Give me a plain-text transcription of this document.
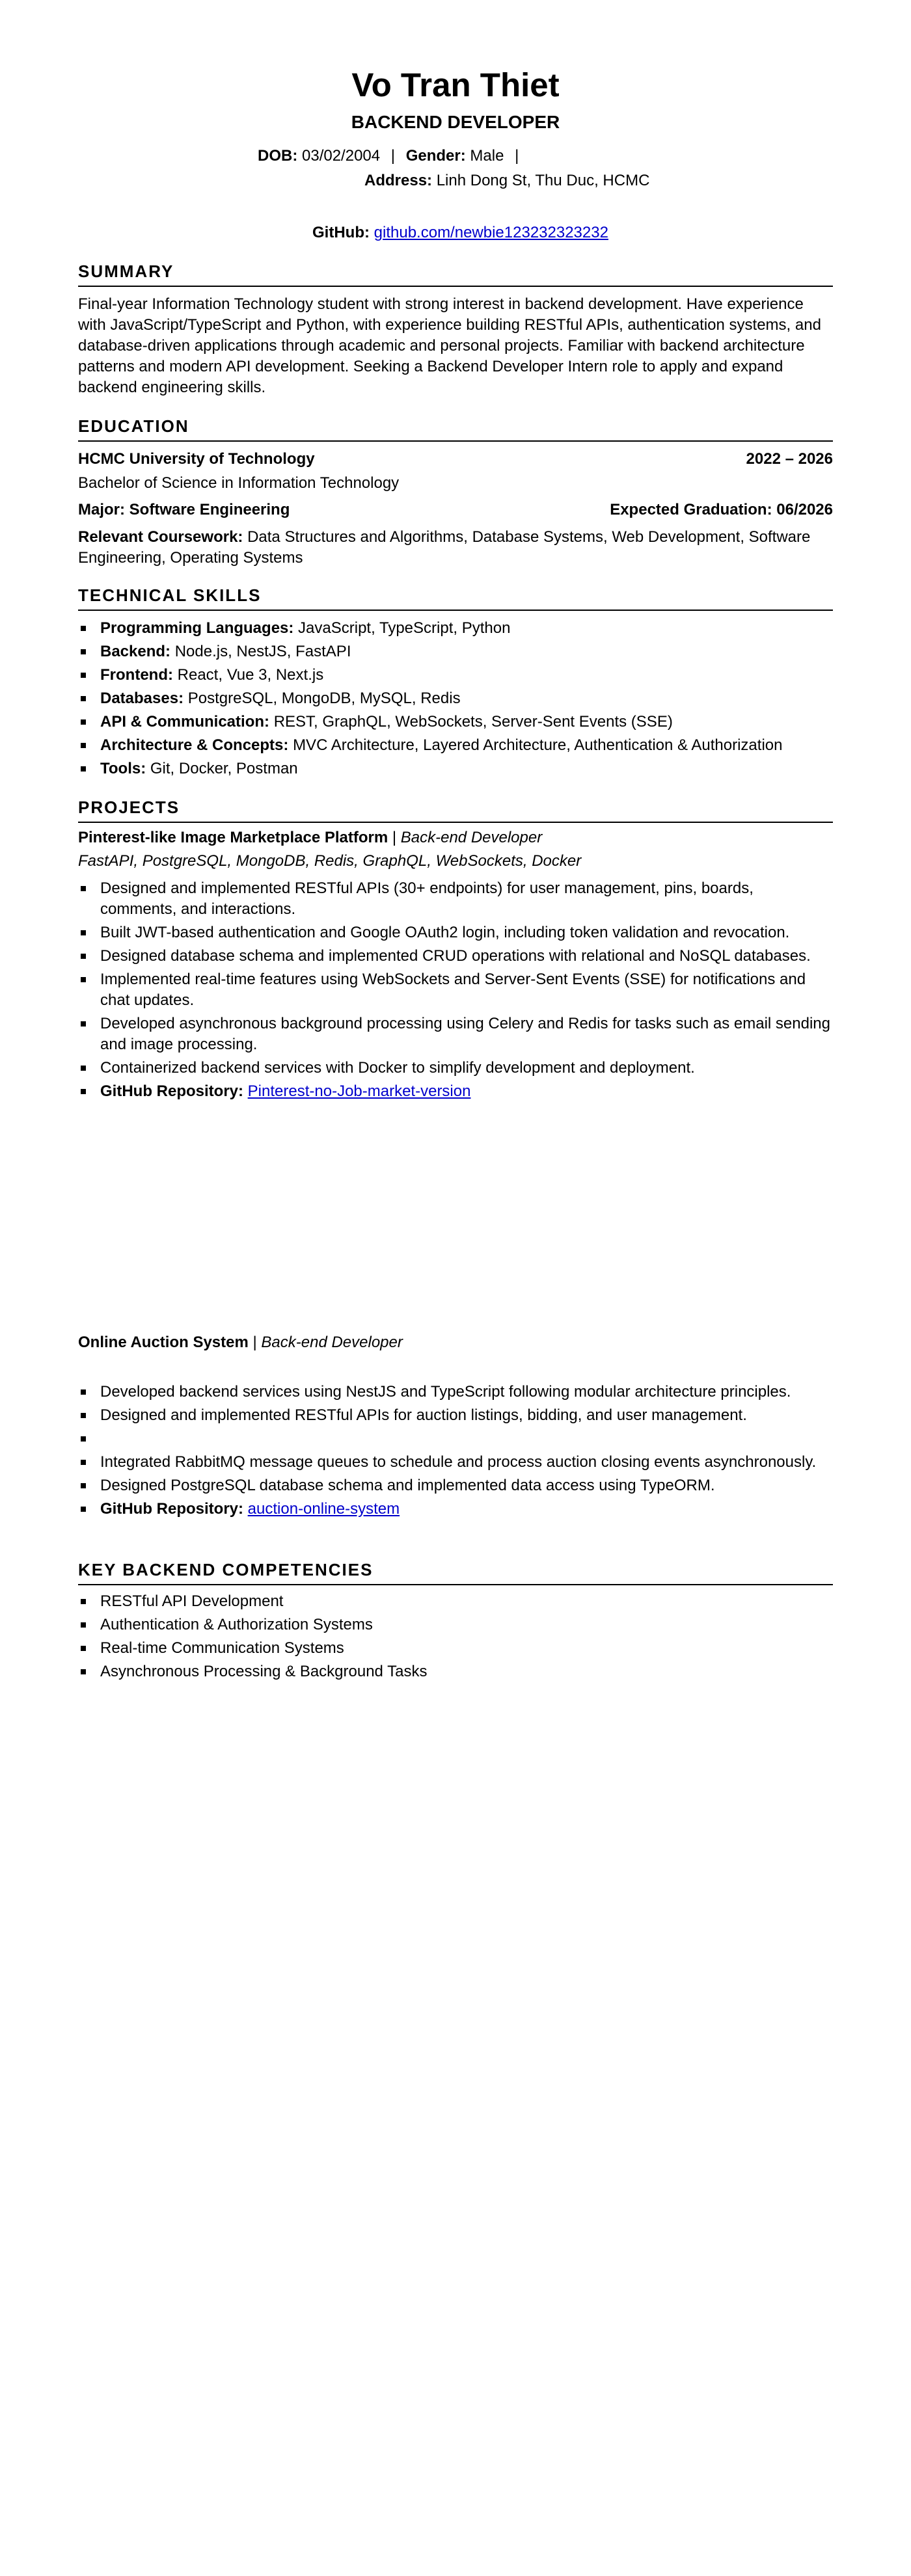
Vo Tran Thiet
BACKEND DEVELOPER
DOB: 03/02/2004 | Gender: Male |
Address: Linh Dong St, Thu Duc, HCMC
GitHub: github.com/newbie123232323232
SUMMARY
Final-year Information Technology student with strong interest in backend development. Have experience with JavaScript/TypeScript and Python, with experience building RESTful APIs, authentication systems, and database-driven applications through academic and personal projects. Familiar with backend architecture patterns and modern API development. Seeking a Backend Developer Intern role to apply and expand backend engineering skills.
EDUCATION
HCMC University of Technology	2022 – 2026
Bachelor of Science in Information Technology
Major: Software Engineering	Expected Graduation: 06/2026
Relevant Coursework: Data Structures and Algorithms, Database Systems, Web Development, Software Engineering, Operating Systems
TECHNICAL SKILLS
Programming Languages: JavaScript, TypeScript, Python
Backend: Node.js, NestJS, FastAPI
Frontend: React, Vue 3, Next.js
Databases: PostgreSQL, MongoDB, MySQL, Redis
API & Communication: REST, GraphQL, WebSockets, Server-Sent Events (SSE)
Architecture & Concepts: MVC Architecture, Layered Architecture, Authentication & Authorization
Tools: Git, Docker, Postman
PROJECTS
Pinterest-like Image Marketplace Platform | Back-end Developer
FastAPI, PostgreSQL, MongoDB, Redis, GraphQL, WebSockets, Docker
Designed and implemented RESTful APIs (30+ endpoints) for user management, pins, boards, comments, and interactions.
Built JWT-based authentication and Google OAuth2 login, including token validation and revocation.
Designed database schema and implemented CRUD operations with relational and NoSQL databases.
Implemented real-time features using WebSockets and Server-Sent Events (SSE) for notifications and chat updates.
Developed asynchronous background processing using Celery and Redis for tasks such as email sending and image processing.
Containerized backend services with Docker to simplify development and deployment.
GitHub Repository: Pinterest-no-Job-market-version
Online Auction System | Back-end Developer
Developed backend services using NestJS and TypeScript following modular architecture principles.
Designed and implemented RESTful APIs for auction listings, bidding, and user management.
Integrated RabbitMQ message queues to schedule and process auction closing events asynchronously.
Designed PostgreSQL database schema and implemented data access using TypeORM.
GitHub Repository: auction-online-system
KEY BACKEND COMPETENCIES
RESTful API Development
Authentication & Authorization Systems
Real-time Communication Systems
Asynchronous Processing & Background Tasks
